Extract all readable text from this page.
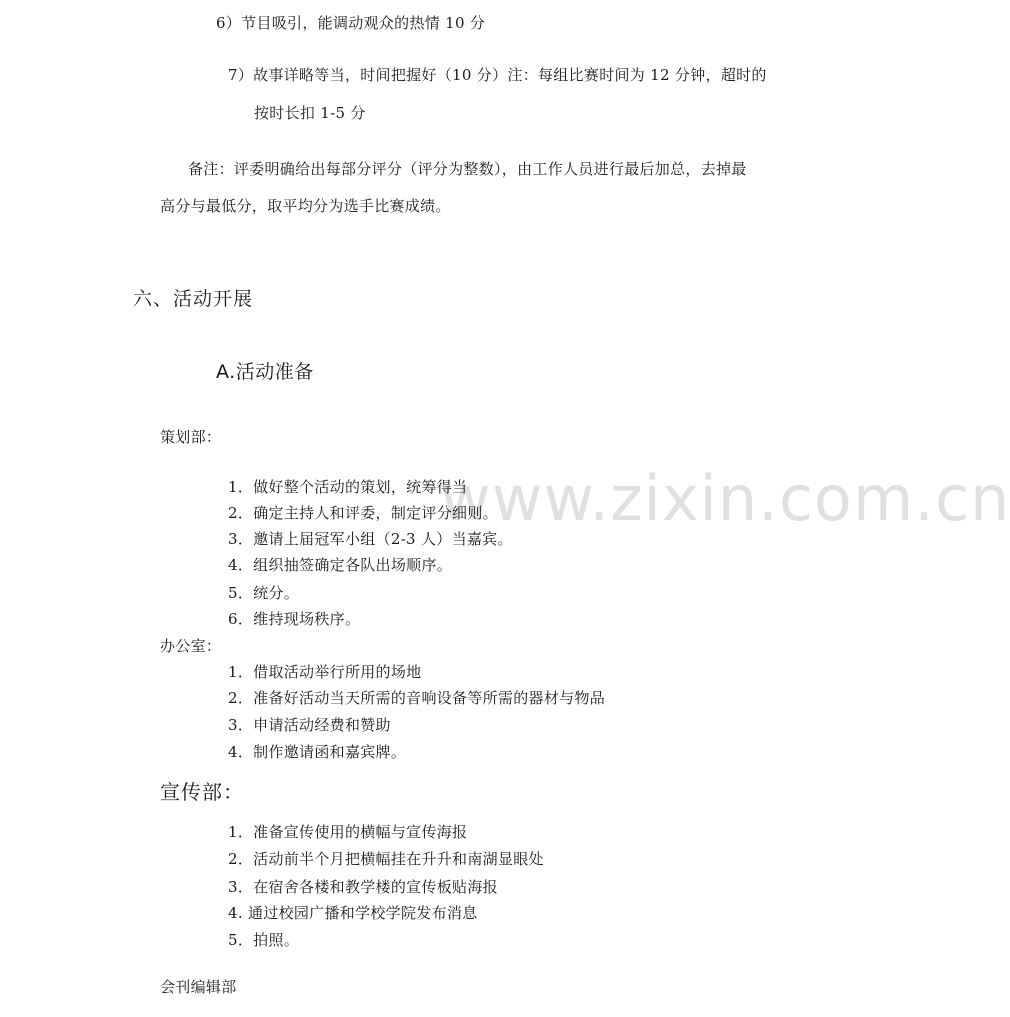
www.zixin.com.cn
6）节目吸引，能调动观众的热情 10 分
7）故事详略等当，时间把握好（10 分）注：每组比赛时间为 12 分钟，超时的
按时长扣 1-5 分
备注：评委明确给出每部分评分（评分为整数），由工作人员进行最后加总，去掉最
高分与最低分，取平均分为选手比赛成绩。
六、活动开展
A.活动准备
策划部：
1．做好整个活动的策划，统筹得当
2．确定主持人和评委，制定评分细则。
3．邀请上届冠军小组（2-3 人）当嘉宾。
4．组织抽签确定各队出场顺序。
5．统分。
6．维持现场秩序。
办公室：
1．借取活动举行所用的场地
2．准备好活动当天所需的音响设备等所需的器材与物品
3．申请活动经费和赞助
4．制作邀请函和嘉宾牌。
宣传部：
1．准备宣传使用的横幅与宣传海报
2．活动前半个月把横幅挂在升升和南湖显眼处
3．在宿舍各楼和教学楼的宣传板贴海报
4. 通过校园广播和学校学院发布消息
5．拍照。
会刊编辑部
